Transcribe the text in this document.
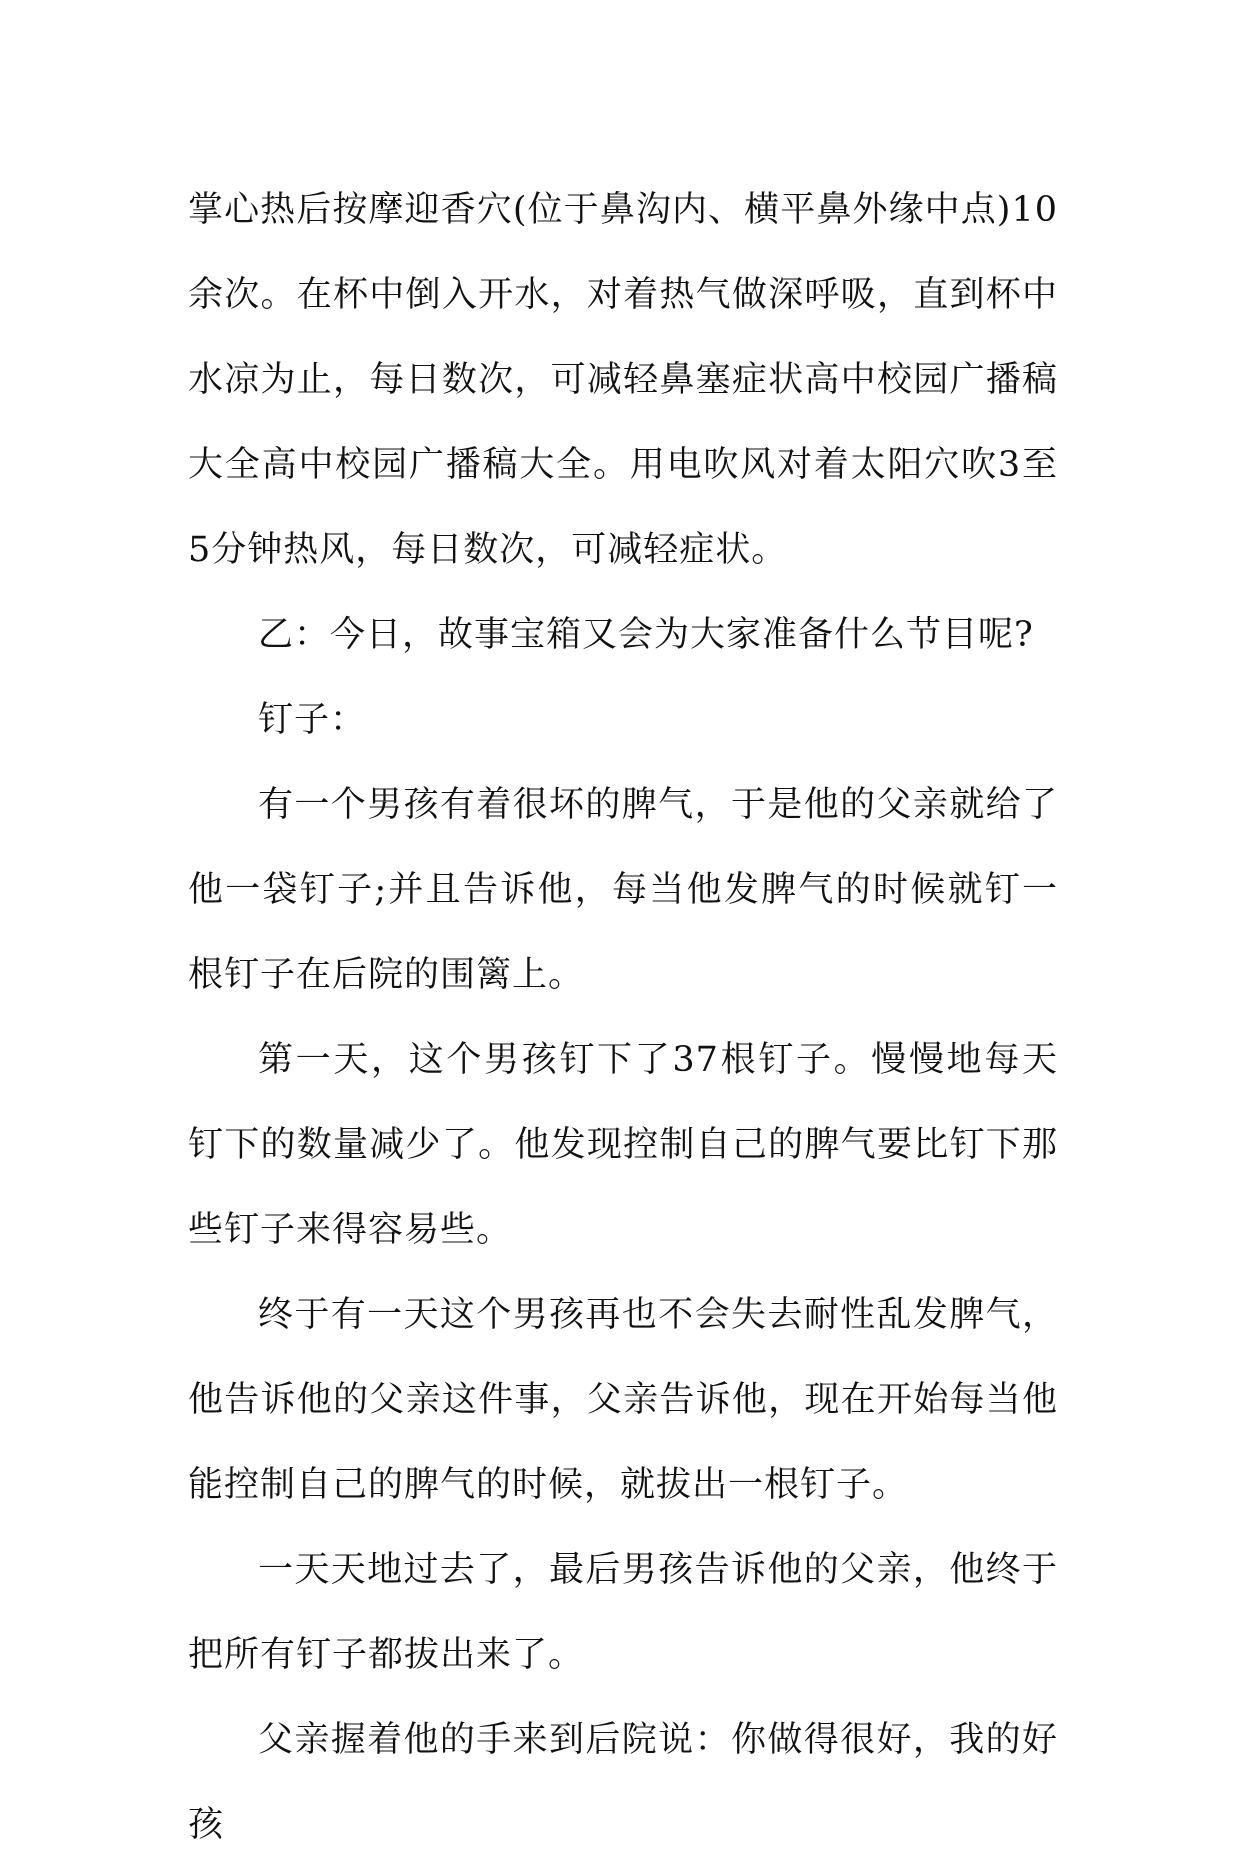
掌心热后按摩迎香穴(位于鼻沟内、横平鼻外缘中点)10余次。在杯中倒入开水，对着热气做深呼吸，直到杯中水凉为止，每日数次，可减轻鼻塞症状高中校园广播稿大全高中校园广播稿大全。用电吹风对着太阳穴吹3至5分钟热风，每日数次，可减轻症状。

乙：今日，故事宝箱又会为大家准备什么节目呢?

钉子：

有一个男孩有着很坏的脾气，于是他的父亲就给了他一袋钉子;并且告诉他，每当他发脾气的时候就钉一根钉子在后院的围篱上。

第一天，这个男孩钉下了37根钉子。慢慢地每天钉下的数量减少了。他发现控制自己的脾气要比钉下那些钉子来得容易些。

终于有一天这个男孩再也不会失去耐性乱发脾气，他告诉他的父亲这件事，父亲告诉他，现在开始每当他能控制自己的脾气的时候，就拔出一根钉子。

一天天地过去了，最后男孩告诉他的父亲，他终于把所有钉子都拔出来了。

父亲握着他的手来到后院说：你做得很好，我的好孩
